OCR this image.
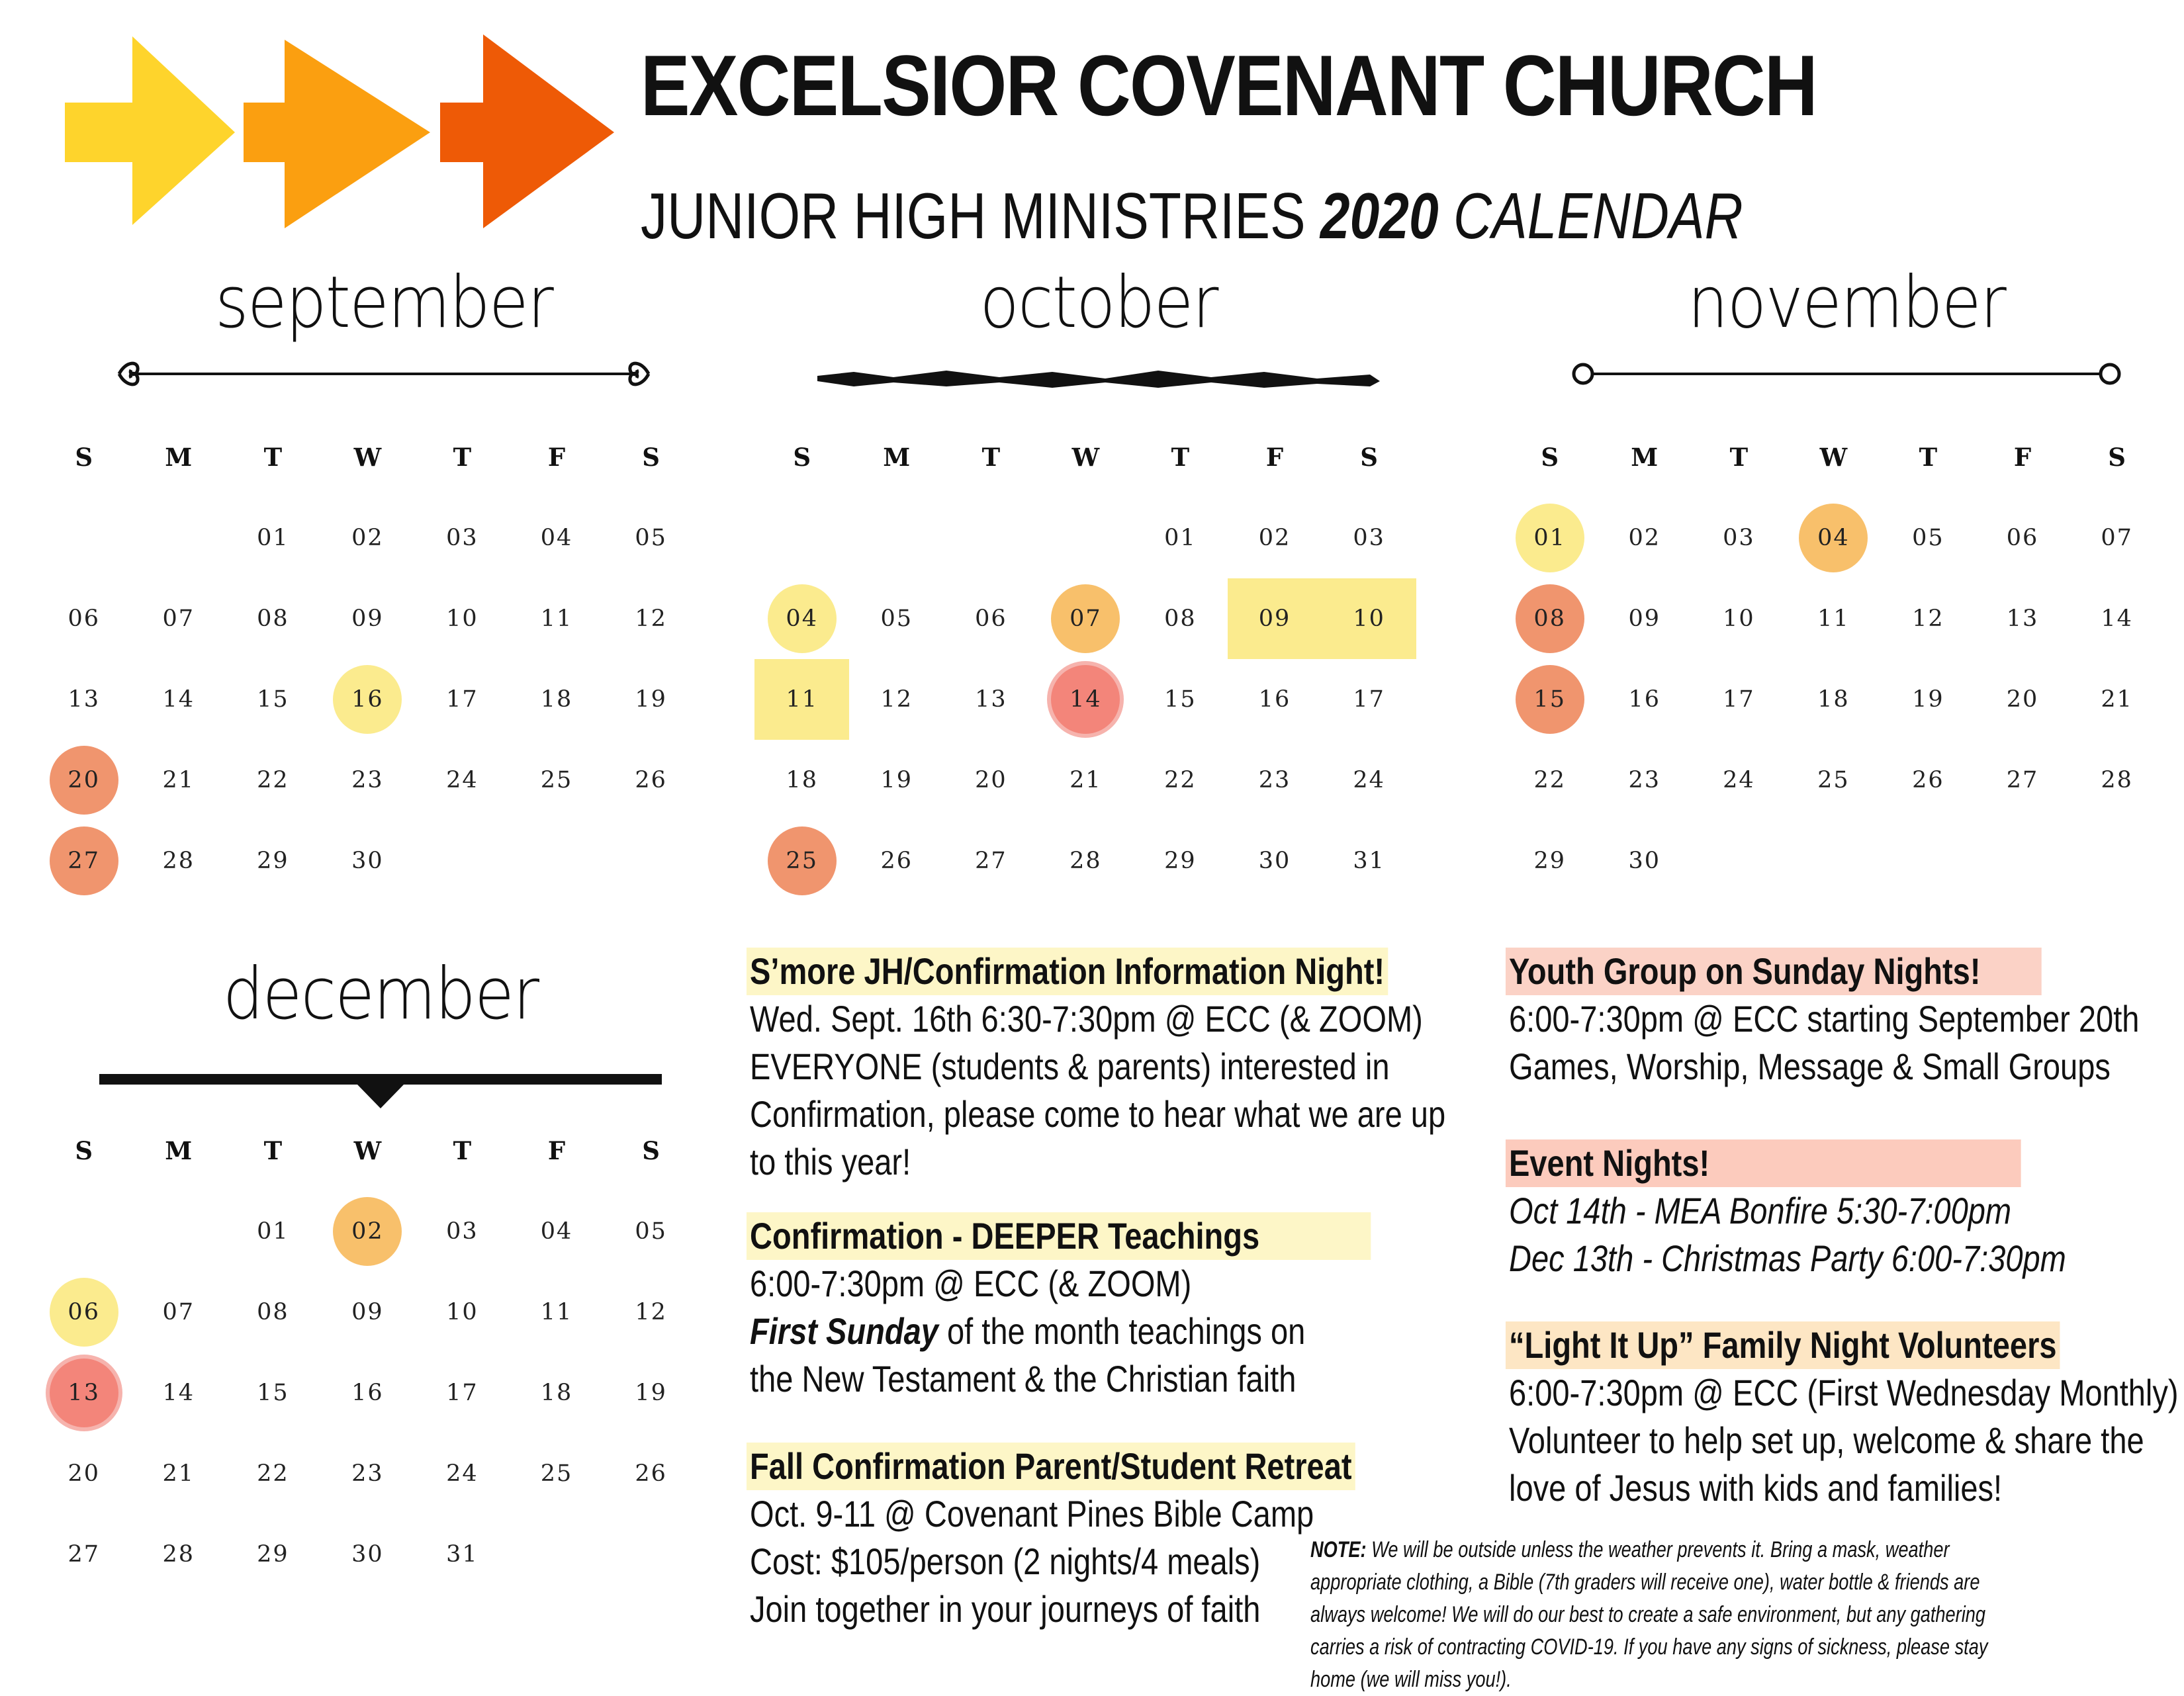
EXCELSIOR COVENANT CHURCH
JUNIOR HIGH MINISTRIES 2020 CALENDAR
september
S	M	T	W	T	F	S
		01	02	03	04	05
06	07	08	09	10	11	12
13	14	15	16	17	18	19
20	21	22	23	24	25	26
27	28	29	30			
october
S	M	T	W	T	F	S
				01	02	03
04	05	06	07	08	09	10
11	12	13	14	15	16	17
18	19	20	21	22	23	24
25	26	27	28	29	30	31
november
S	M	T	W	T	F	S
01	02	03	04	05	06	07
08	09	10	11	12	13	14
15	16	17	18	19	20	21
22	23	24	25	26	27	28
29	30					
december
S	M	T	W	T	F	S
		01	02	03	04	05
06	07	08	09	10	11	12
13	14	15	16	17	18	19
20	21	22	23	24	25	26
27	28	29	30	31		
S’more JH/Confirmation Information Night!
Wed. Sept. 16th 6:30-7:30pm @ ECC (& ZOOM)
EVERYONE (students & parents) interested in
Confirmation, please come to hear what we are up
to this year!
Confirmation - DEEPER Teachings
6:00-7:30pm @ ECC (& ZOOM)
First Sunday of the month teachings on
the New Testament & the Christian faith
Fall Confirmation Parent/Student Retreat
Oct. 9-11 @ Covenant Pines Bible Camp
Cost: $105/person (2 nights/4 meals)
Join together in your journeys of faith
Youth Group on Sunday Nights!
6:00-7:30pm @ ECC starting September 20th
Games, Worship, Message & Small Groups
Event Nights!
Oct 14th - MEA Bonfire 5:30-7:00pm
Dec 13th - Christmas Party 6:00-7:30pm
“Light It Up” Family Night Volunteers
6:00-7:30pm @ ECC (First Wednesday Monthly)
Volunteer to help set up, welcome & share the
love of Jesus with kids and families!
NOTE: We will be outside unless the weather prevents it. Bring a mask, weather appropriate clothing, a Bible (7th graders will receive one), water bottle & friends are always welcome! We will do our best to create a safe environment, but any gathering carries a risk of contracting COVID-19. If you have any signs of sickness, please stay home (we will miss you!).
